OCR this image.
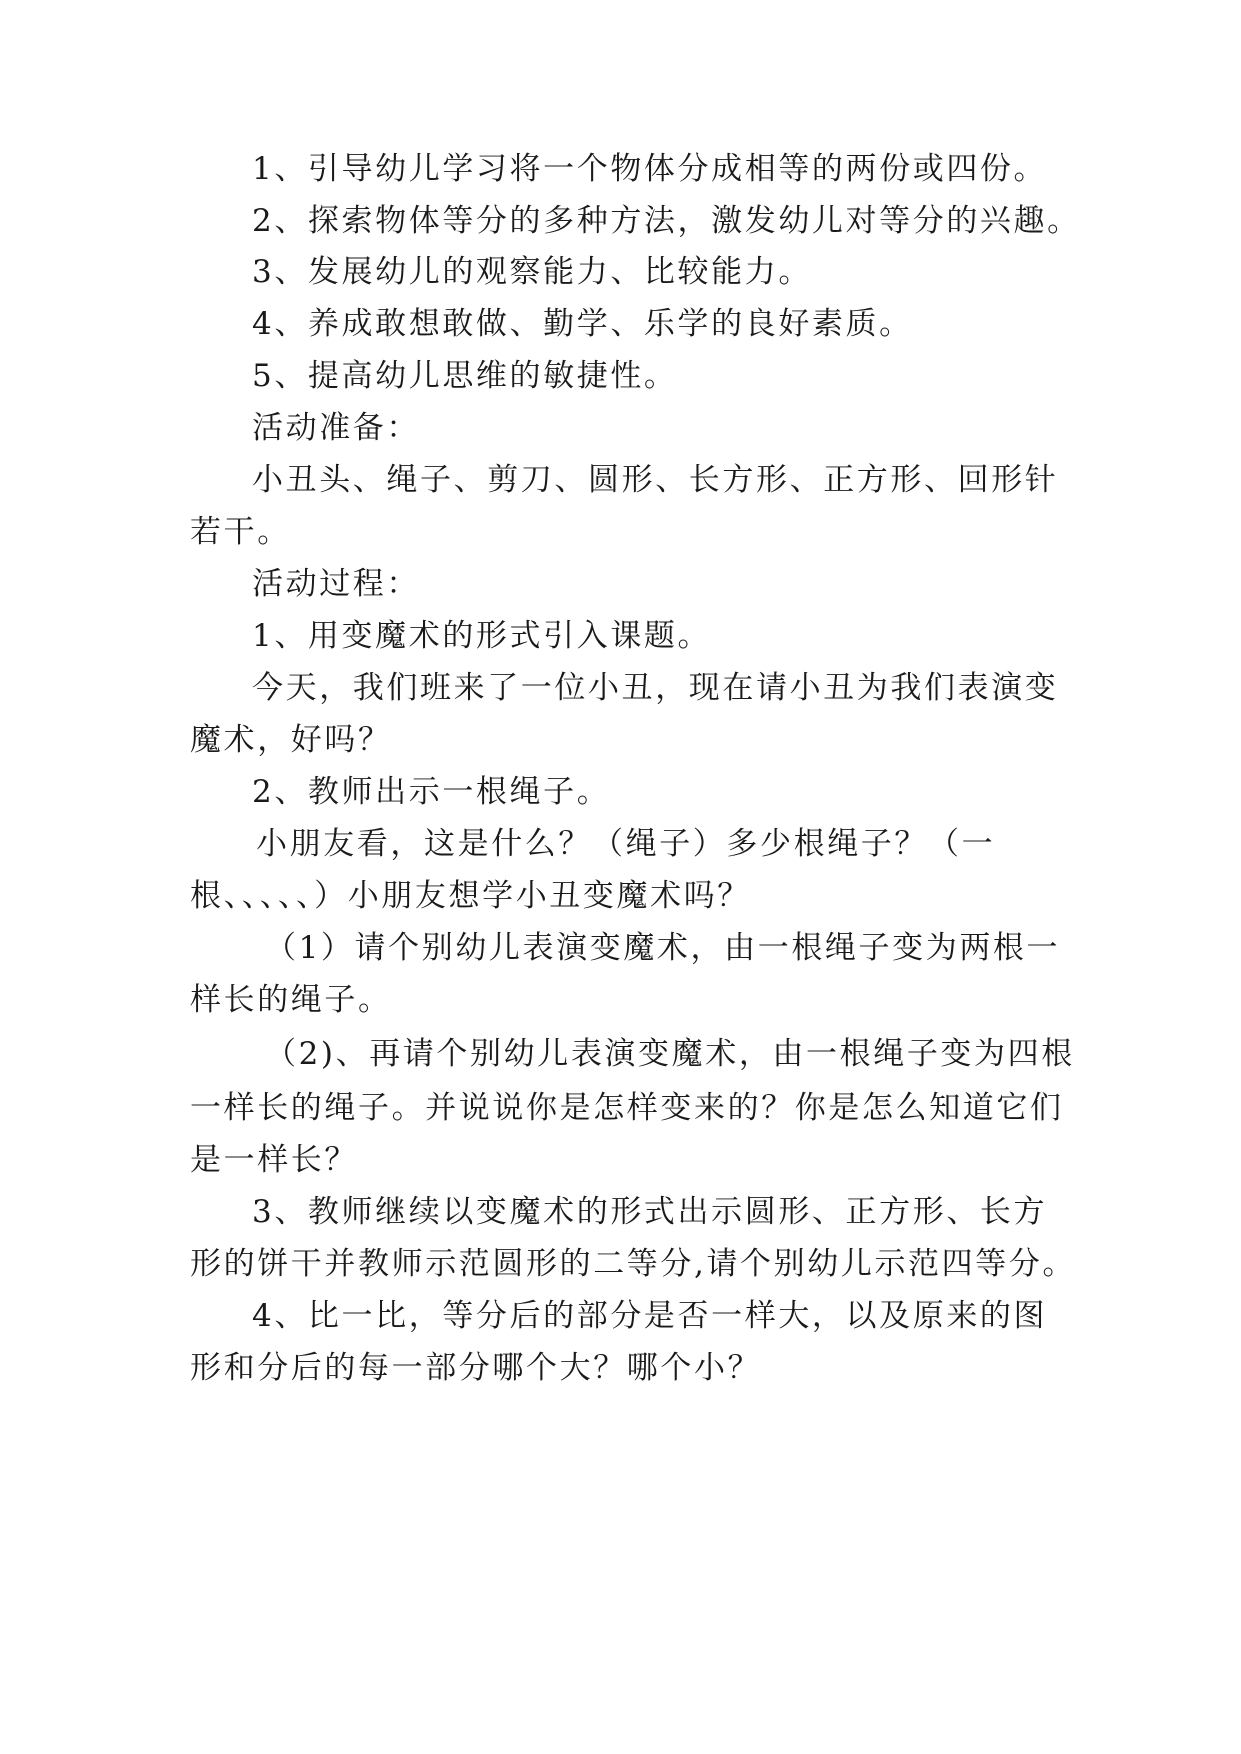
1、引导幼儿学习将一个物体分成相等的两份或四份。

2、探索物体等分的多种方法，激发幼儿对等分的兴趣。

3、发展幼儿的观察能力、比较能力。

4、养成敢想敢做、勤学、乐学的良好素质。

5、提高幼儿思维的敏捷性。

活动准备：

小丑头、绳子、剪刀、圆形、长方形、正方形、回形针

若干。

活动过程：

1、用变魔术的形式引入课题。

今天，我们班来了一位小丑，现在请小丑为我们表演变

魔术，好吗？

2、教师出示一根绳子。

小朋友看，这是什么？（绳子）多少根绳子？（一

根、、、、、）小朋友想学小丑变魔术吗？

（1）请个别幼儿表演变魔术，由一根绳子变为两根一

样长的绳子。

（2)、再请个别幼儿表演变魔术，由一根绳子变为四根

一样长的绳子。并说说你是怎样变来的？你是怎么知道它们

是一样长？

3、教师继续以变魔术的形式出示圆形、正方形、长方

形的饼干并教师示范圆形的二等分,请个别幼儿示范四等分。

4、比一比，等分后的部分是否一样大，以及原来的图

形和分后的每一部分哪个大？哪个小？
